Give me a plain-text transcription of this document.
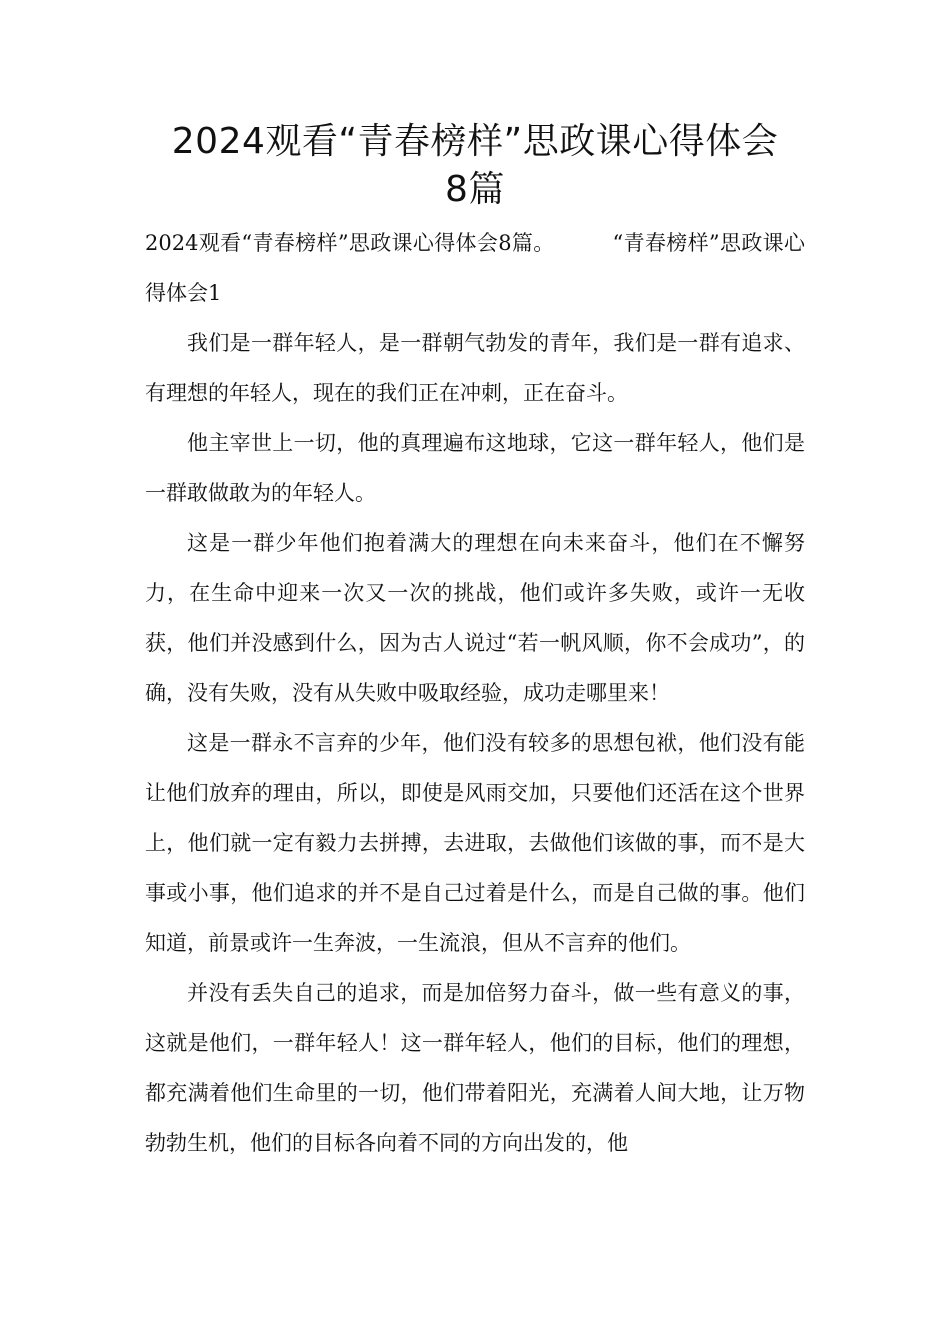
2024观看“青春榜样”思政课心得体会
8篇

2024观看“青春榜样”思政课心得体会8篇。	“青春榜样”思政课心得体会1

我们是一群年轻人，是一群朝气勃发的青年，我们是一群有追求、有理想的年轻人，现在的我们正在冲刺，正在奋斗。

他主宰世上一切，他的真理遍布这地球，它这一群年轻人，他们是一群敢做敢为的年轻人。

这是一群少年他们抱着满大的理想在向未来奋斗，他们在不懈努力，在生命中迎来一次又一次的挑战，他们或许多失败，或许一无收获，他们并没感到什么，因为古人说过“若一帆风顺，你不会成功”，的确，没有失败，没有从失败中吸取经验，成功走哪里来！

这是一群永不言弃的少年，他们没有较多的思想包袱，他们没有能让他们放弃的理由，所以，即使是风雨交加，只要他们还活在这个世界上，他们就一定有毅力去拼搏，去进取，去做他们该做的事，而不是大事或小事，他们追求的并不是自己过着是什么，而是自己做的事。他们知道，前景或许一生奔波，一生流浪，但从不言弃的他们。

并没有丢失自己的追求，而是加倍努力奋斗，做一些有意义的事，这就是他们，一群年轻人！这一群年轻人，他们的目标，他们的理想，都充满着他们生命里的一切，他们带着阳光，充满着人间大地，让万物勃勃生机，他们的目标各向着不同的方向出发的，他
